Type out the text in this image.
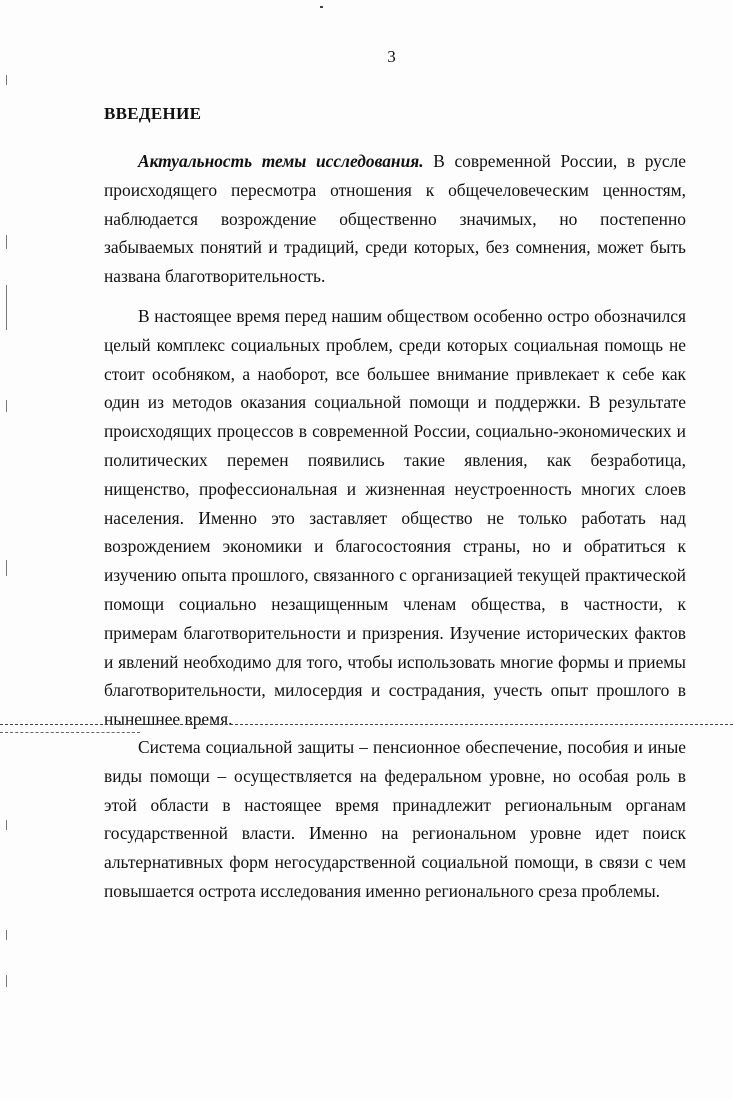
3
ВВЕДЕНИЕ

Актуальность темы исследования. В современной России, в русле происходящего пересмотра отношения к общечеловеческим ценностям, наблюдается возрождение общественно значимых, но постепенно забываемых понятий и традиций, среди которых, без сомнения, может быть названа благотворительность.

В настоящее время перед нашим обществом особенно остро обозначился целый комплекс социальных проблем, среди которых социальная помощь не стоит особняком, а наоборот, все большее внимание привлекает к себе как один из методов оказания социальной помощи и поддержки. В результате происходящих процессов в современной России, социально-экономических и политических перемен появились такие явления, как безработица, нищенство, профессиональная и жизненная неустроенность многих слоев населения. Именно это заставляет общество не только работать над возрождением экономики и благосостояния страны, но и обратиться к изучению опыта прошлого, связанного с организацией текущей практической помощи социально незащищенным членам общества, в частности, к примерам благотворительности и призрения. Изучение исторических фактов и явлений необходимо для того, чтобы использовать многие формы и приемы благотворительности, милосердия и сострадания, учесть опыт прошлого в нынешнее время.

Система социальной защиты – пенсионное обеспечение, пособия и иные виды помощи – осуществляется на федеральном уровне, но особая роль в этой области в настоящее время принадлежит региональным органам государственной власти. Именно на региональном уровне идет поиск альтернативных форм негосударственной социальной помощи, в связи с чем повышается острота исследования именно регионального среза проблемы.
